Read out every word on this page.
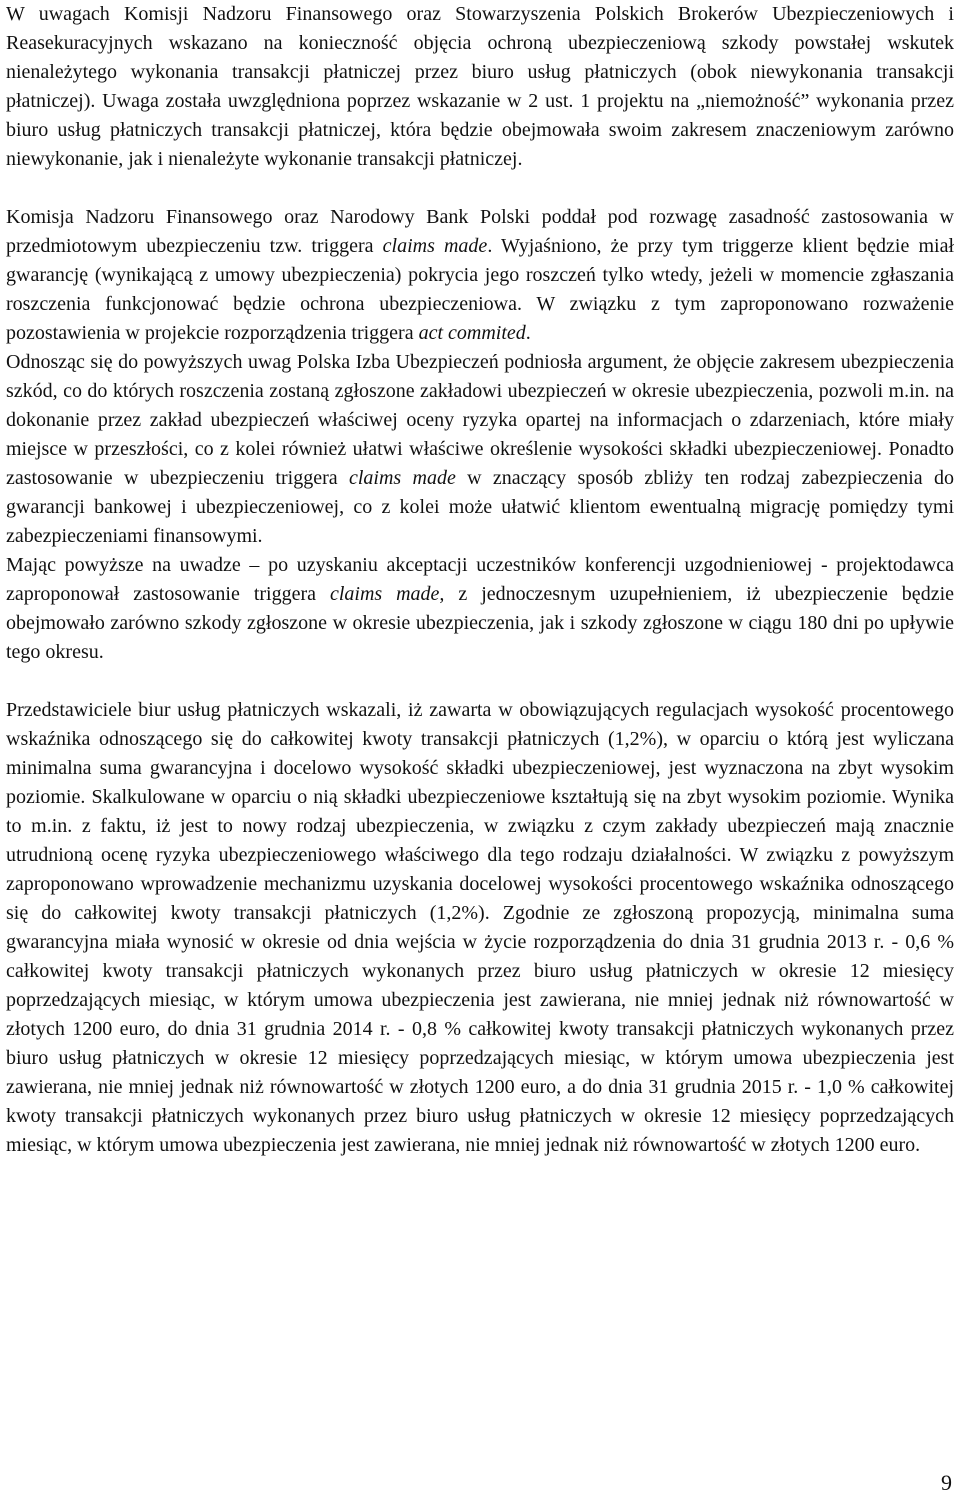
W uwagach Komisji Nadzoru Finansowego oraz Stowarzyszenia Polskich Brokerów Ubezpieczeniowych i Reasekuracyjnych wskazano na konieczność objęcia ochroną ubezpieczeniową szkody powstałej wskutek nienależytego wykonania transakcji płatniczej przez biuro usług płatniczych (obok niewykonania transakcji płatniczej). Uwaga została uwzględniona poprzez wskazanie w 2 ust. 1 projektu na „niemożność” wykonania przez biuro usług płatniczych transakcji płatniczej, która będzie obejmowała swoim zakresem znaczeniowym zarówno niewykonanie, jak i nienależyte wykonanie transakcji płatniczej.

Komisja Nadzoru Finansowego oraz Narodowy Bank Polski poddał pod rozwagę zasadność zastosowania w przedmiotowym ubezpieczeniu tzw. triggera claims made. Wyjaśniono, że przy tym triggerze klient będzie miał gwarancję (wynikającą z umowy ubezpieczenia) pokrycia jego roszczeń tylko wtedy, jeżeli w momencie zgłaszania roszczenia funkcjonować będzie ochrona ubezpieczeniowa. W związku z tym zaproponowano rozważenie pozostawienia w projekcie rozporządzenia triggera act commited.

Odnosząc się do powyższych uwag Polska Izba Ubezpieczeń podniosła argument, że objęcie zakresem ubezpieczenia szkód, co do których roszczenia zostaną zgłoszone zakładowi ubezpieczeń w okresie ubezpieczenia, pozwoli m.in. na dokonanie przez zakład ubezpieczeń właściwej oceny ryzyka opartej na informacjach o zdarzeniach, które miały miejsce w przeszłości, co z kolei również ułatwi właściwe określenie wysokości składki ubezpieczeniowej. Ponadto zastosowanie w ubezpieczeniu triggera claims made w znaczący sposób zbliży ten rodzaj zabezpieczenia do gwarancji bankowej i ubezpieczeniowej, co z kolei może ułatwić klientom ewentualną migrację pomiędzy tymi zabezpieczeniami finansowymi.

Mając powyższe na uwadze – po uzyskaniu akceptacji uczestników konferencji uzgodnieniowej - projektodawca zaproponował zastosowanie triggera claims made, z jednoczesnym uzupełnieniem, iż ubezpieczenie będzie obejmowało zarówno szkody zgłoszone w okresie ubezpieczenia, jak i szkody zgłoszone w ciągu 180 dni po upływie tego okresu.

Przedstawiciele biur usług płatniczych wskazali, iż zawarta w obowiązujących regulacjach wysokość procentowego wskaźnika odnoszącego się do całkowitej kwoty transakcji płatniczych (1,2%), w oparciu o którą jest wyliczana minimalna suma gwarancyjna i docelowo wysokość składki ubezpieczeniowej, jest wyznaczona na zbyt wysokim poziomie. Skalkulowane w oparciu o nią składki ubezpieczeniowe kształtują się na zbyt wysokim poziomie. Wynika to m.in. z faktu, iż jest to nowy rodzaj ubezpieczenia, w związku z czym zakłady ubezpieczeń mają znacznie utrudnioną ocenę ryzyka ubezpieczeniowego właściwego dla tego rodzaju działalności. W związku z powyższym zaproponowano wprowadzenie mechanizmu uzyskania docelowej wysokości procentowego wskaźnika odnoszącego się do całkowitej kwoty transakcji płatniczych (1,2%). Zgodnie ze zgłoszoną propozycją, minimalna suma gwarancyjna miała wynosić w okresie od dnia wejścia w życie rozporządzenia do dnia 31 grudnia 2013 r. - 0,6 % całkowitej kwoty transakcji płatniczych wykonanych przez biuro usług płatniczych w okresie 12 miesięcy poprzedzających miesiąc, w którym umowa ubezpieczenia jest zawierana, nie mniej jednak niż równowartość w złotych 1200 euro, do dnia 31 grudnia 2014 r. - 0,8 % całkowitej kwoty transakcji płatniczych wykonanych przez biuro usług płatniczych w okresie 12 miesięcy poprzedzających miesiąc, w którym umowa ubezpieczenia jest zawierana, nie mniej jednak niż równowartość w złotych 1200 euro, a do dnia 31 grudnia 2015 r. - 1,0 % całkowitej kwoty transakcji płatniczych wykonanych przez biuro usług płatniczych w okresie 12 miesięcy poprzedzających miesiąc, w którym umowa ubezpieczenia jest zawierana, nie mniej jednak niż równowartość w złotych 1200 euro.

9
